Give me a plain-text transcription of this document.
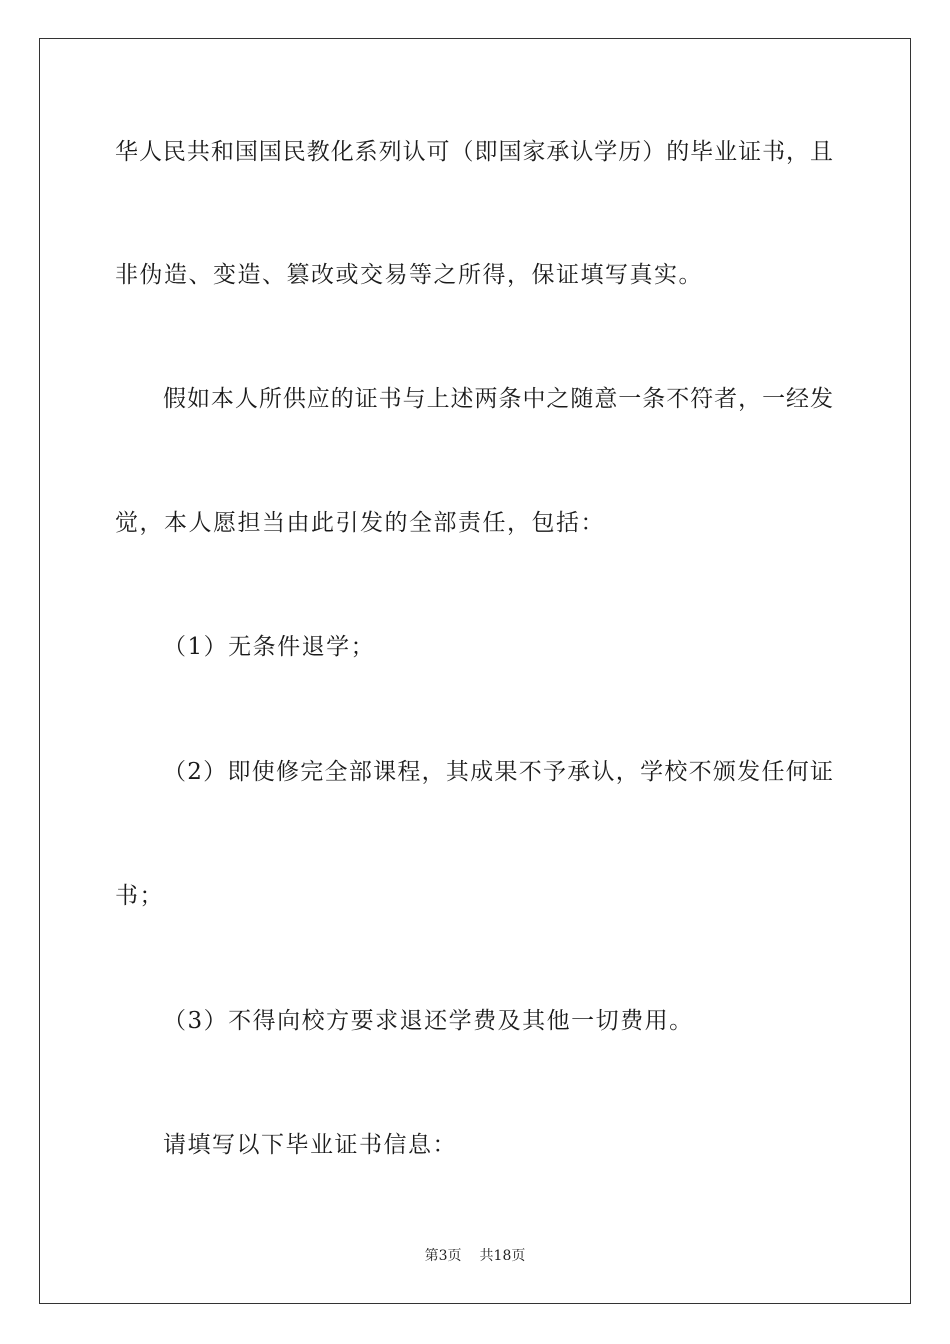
华人民共和国国民教化系列认可（即国家承认学历）的毕业证书，且
非伪造、变造、篡改或交易等之所得，保证填写真实。
假如本人所供应的证书与上述两条中之随意一条不符者，一经发
觉，本人愿担当由此引发的全部责任，包括：
（1）无条件退学；
（2）即使修完全部课程，其成果不予承认，学校不颁发任何证
书；
（3）不得向校方要求退还学费及其他一切费用。
请填写以下毕业证书信息：
第3页 共18页
